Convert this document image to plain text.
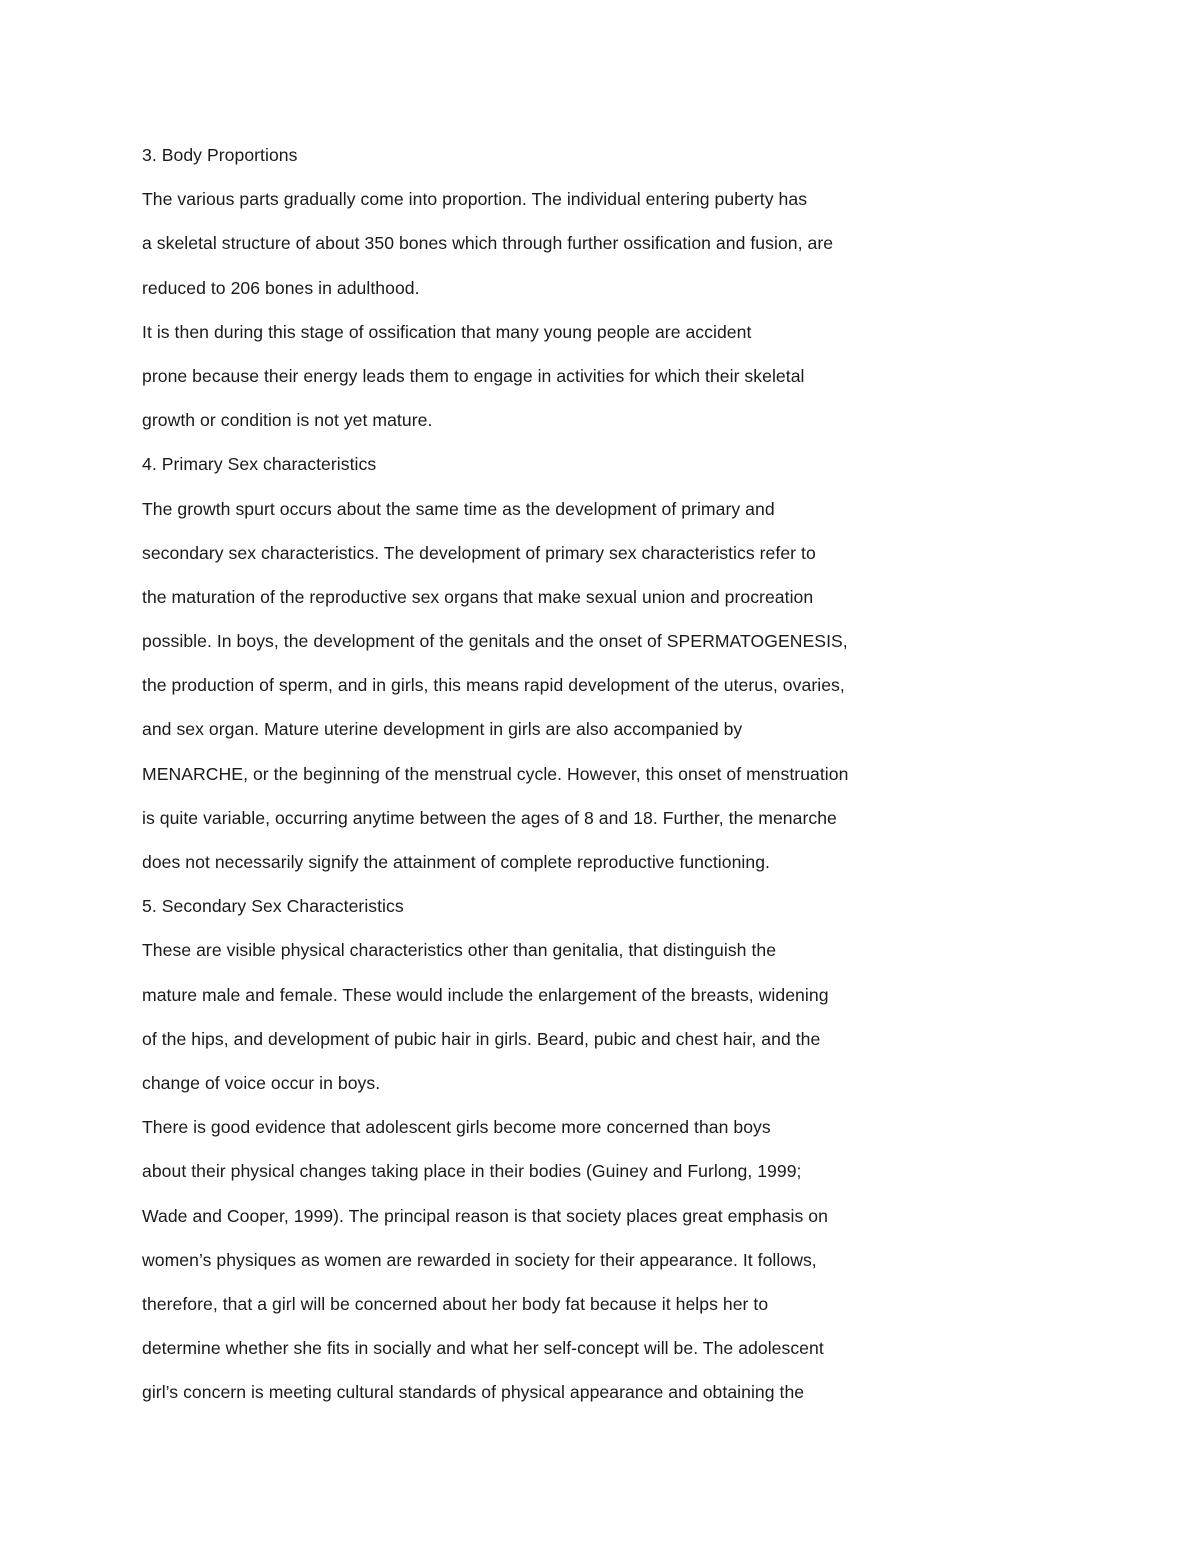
3. Body Proportions
The various parts gradually come into proportion. The individual entering puberty has
a skeletal structure of about 350 bones which through further ossification and fusion, are
reduced to 206 bones in adulthood.
It is then during this stage of ossification that many young people are accident
prone because their energy leads them to engage in activities for which their skeletal
growth or condition is not yet mature.
4. Primary Sex characteristics
The growth spurt occurs about the same time as the development of primary and
secondary sex characteristics. The development of primary sex characteristics refer to
the maturation of the reproductive sex organs that make sexual union and procreation
possible. In boys, the development of the genitals and the onset of SPERMATOGENESIS,
the production of sperm, and in girls, this means rapid development of the uterus, ovaries,
and sex organ. Mature uterine development in girls are also accompanied by
MENARCHE, or the beginning of the menstrual cycle. However, this onset of menstruation
is quite variable, occurring anytime between the ages of 8 and 18. Further, the menarche
does not necessarily signify the attainment of complete reproductive functioning.
5. Secondary Sex Characteristics
These are visible physical characteristics other than genitalia, that distinguish the
mature male and female. These would include the enlargement of the breasts, widening
of the hips, and development of pubic hair in girls. Beard, pubic and chest hair, and the
change of voice occur in boys.
There is good evidence that adolescent girls become more concerned than boys
about their physical changes taking place in their bodies (Guiney and Furlong, 1999;
Wade and Cooper, 1999). The principal reason is that society places great emphasis on
women’s physiques as women are rewarded in society for their appearance. It follows,
therefore, that a girl will be concerned about her body fat because it helps her to
determine whether she fits in socially and what her self-concept will be. The adolescent
girl’s concern is meeting cultural standards of physical appearance and obtaining the
